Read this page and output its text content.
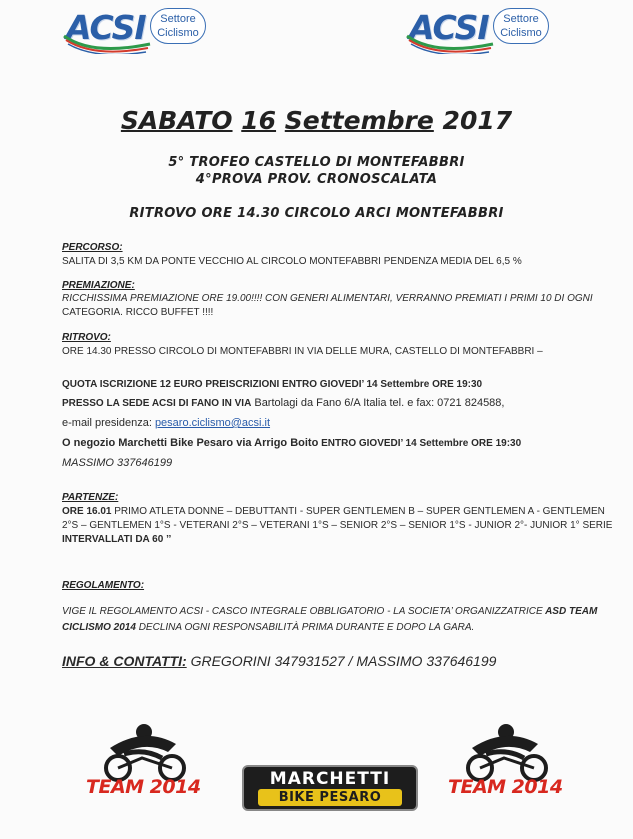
ACSI	Settore
Ciclismo	ACSI	Settore
Ciclismo
SABATO 16 Settembre 2017
5° TROFEO CASTELLO DI MONTEFABBRI
4°PROVA PROV. CRONOSCALATA
RITROVO ORE 14.30 CIRCOLO ARCI MONTEFABBRI
PERCORSO:
SALITA DI 3,5 KM DA PONTE VECCHIO AL CIRCOLO MONTEFABBRI PENDENZA MEDIA DEL 6,5 %
PREMIAZIONE:
RICCHISSIMA PREMIAZIONE ORE 19.00!!!! CON GENERI ALIMENTARI, VERRANNO PREMIATI I PRIMI 10 DI OGNI
CATEGORIA. RICCO BUFFET !!!!
RITROVO:
ORE 14.30 PRESSO CIRCOLO DI MONTEFABBRI IN VIA DELLE MURA, CASTELLO DI MONTEFABBRI –
QUOTA ISCRIZIONE 12 EURO PREISCRIZIONI ENTRO GIOVEDI’ 14 Settembre ORE 19:30
PRESSO LA SEDE ACSI DI FANO IN VIA Bartolagi da Fano 6/A Italia tel. e fax: 0721 824588,
e-mail presidenza: pesaro.ciclismo@acsi.it
O negozio Marchetti Bike Pesaro via Arrigo Boito ENTRO GIOVEDI’ 14 Settembre ORE 19:30
MASSIMO 337646199
PARTENZE:
ORE 16.01 PRIMO ATLETA DONNE – DEBUTTANTI - SUPER GENTLEMEN B – SUPER GENTLEMEN A - GENTLEMEN
2°S – GENTLEMEN 1°S - VETERANI 2°S – VETERANI 1°S – SENIOR 2°S – SENIOR 1°S - JUNIOR 2°- JUNIOR 1° SERIE
INTERVALLATI DA 60 ’’
REGOLAMENTO:
VIGE IL REGOLAMENTO ACSI - CASCO INTEGRALE OBBLIGATORIO - LA SOCIETA’ ORGANIZZATRICE ASD TEAM
CICLISMO 2014 DECLINA OGNI RESPONSABILITÀ PRIMA DURANTE E DOPO LA GARA.
INFO & CONTATTI: GREGORINI 347931527 / MASSIMO 337646199
TEAM 2014	MARCHETTI
BIKE PESARO	TEAM 2014
